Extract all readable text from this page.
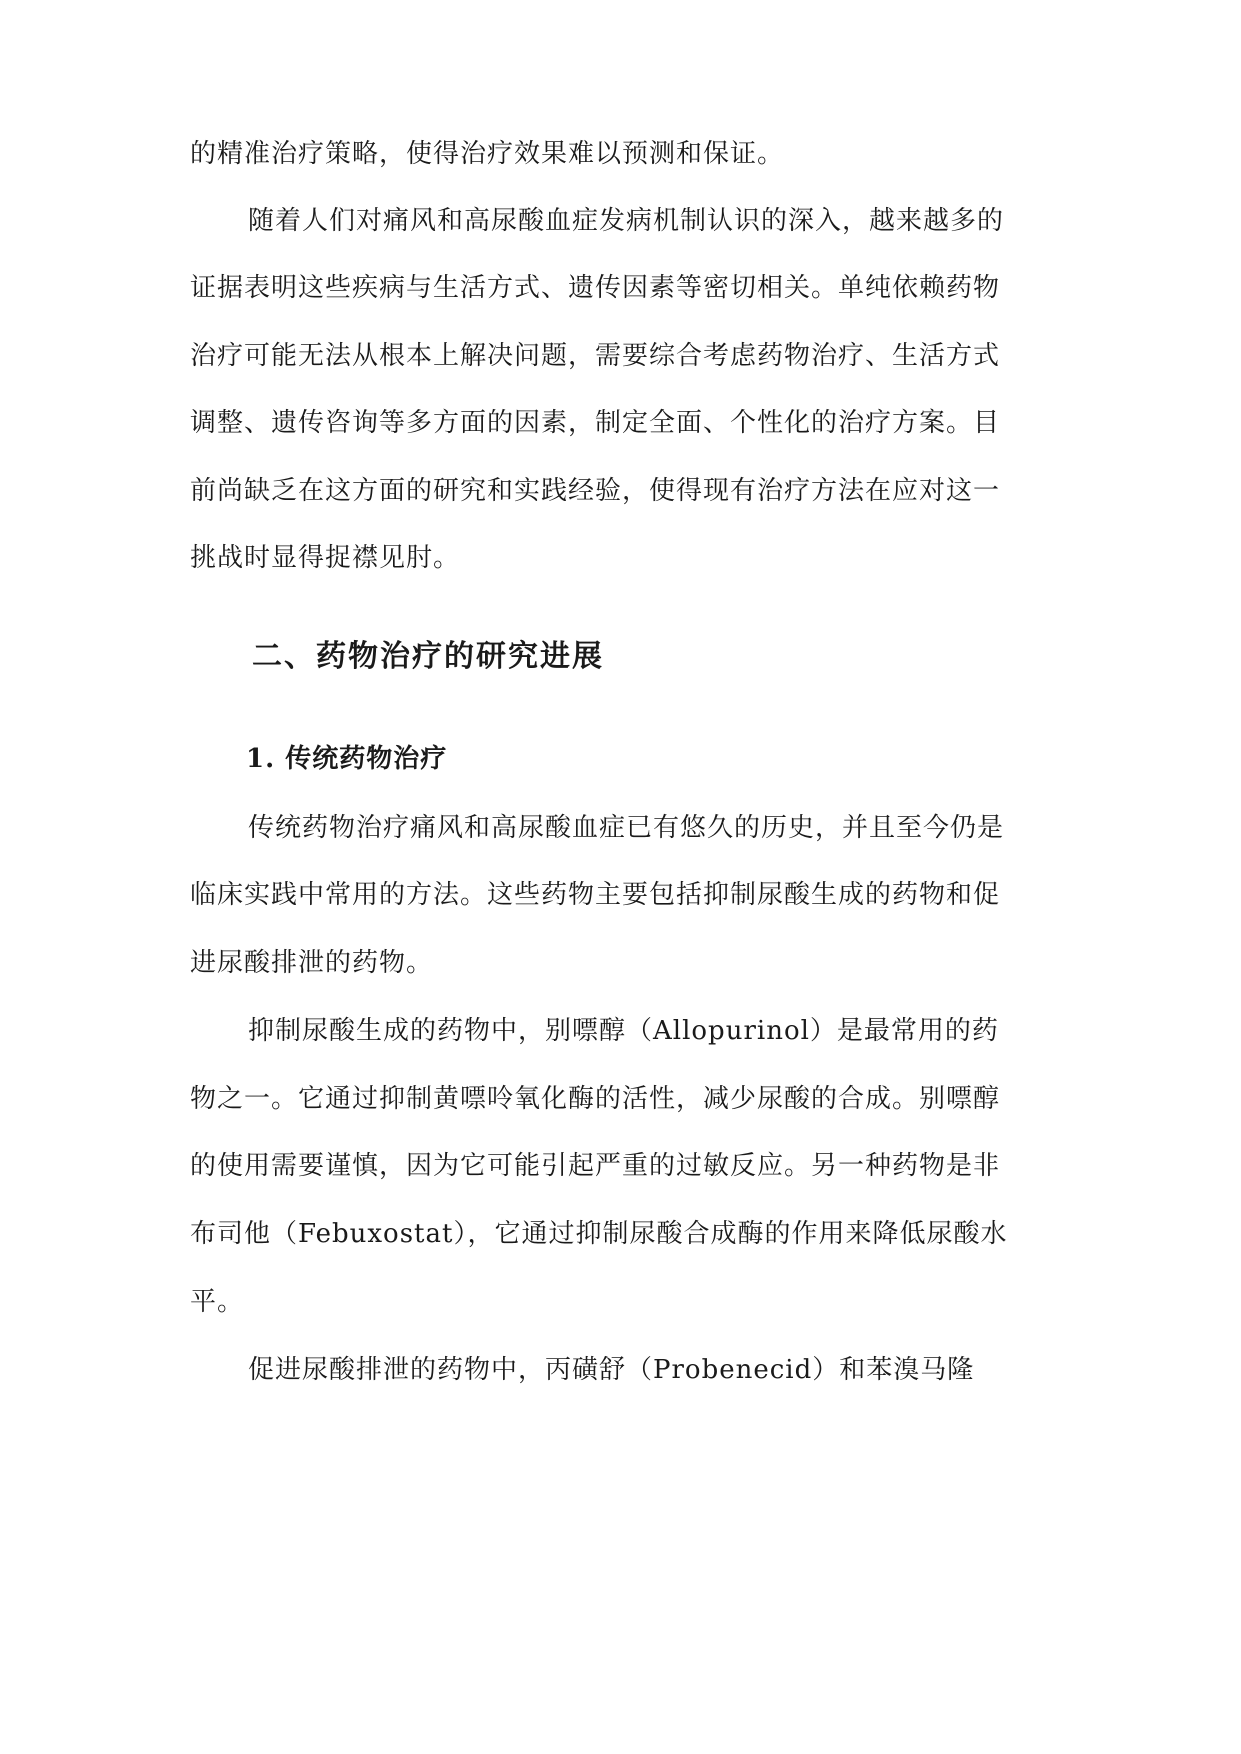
的精准治疗策略，使得治疗效果难以预测和保证。
随着人们对痛风和高尿酸血症发病机制认识的深入，越来越多的
证据表明这些疾病与生活方式、遗传因素等密切相关。单纯依赖药物
治疗可能无法从根本上解决问题，需要综合考虑药物治疗、生活方式
调整、遗传咨询等多方面的因素，制定全面、个性化的治疗方案。目
前尚缺乏在这方面的研究和实践经验，使得现有治疗方法在应对这一
挑战时显得捉襟见肘。
二、药物治疗的研究进展
1. 传统药物治疗
传统药物治疗痛风和高尿酸血症已有悠久的历史，并且至今仍是
临床实践中常用的方法。这些药物主要包括抑制尿酸生成的药物和促
进尿酸排泄的药物。
抑制尿酸生成的药物中，别嘌醇（Allopurinol）是最常用的药
物之一。它通过抑制黄嘌呤氧化酶的活性，减少尿酸的合成。别嘌醇
的使用需要谨慎，因为它可能引起严重的过敏反应。另一种药物是非
布司他（Febuxostat），它通过抑制尿酸合成酶的作用来降低尿酸水
平。
促进尿酸排泄的药物中，丙磺舒（Probenecid）和苯溴马隆
